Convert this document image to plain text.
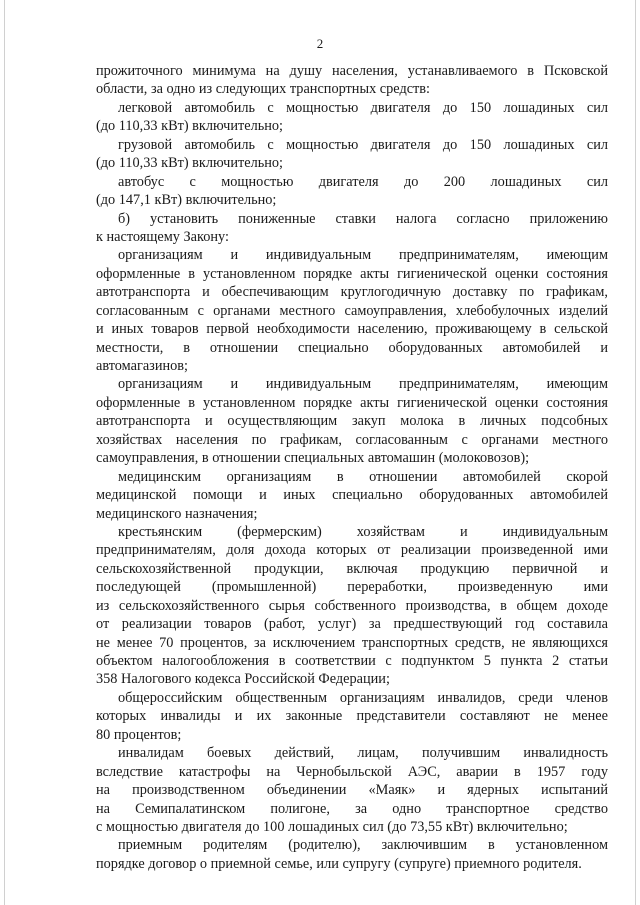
2
прожиточного минимума на душу населения, устанавливаемого в Псковской
области, за одно из следующих транспортных средств:
легковой автомобиль с мощностью двигателя до 150 лошадиных сил
(до 110,33 кВт) включительно;
грузовой автомобиль с мощностью двигателя до 150 лошадиных сил
(до 110,33 кВт) включительно;
автобус с мощностью двигателя до 200 лошадиных сил
(до 147,1 кВт) включительно;
б) установить пониженные ставки налога согласно приложению
к настоящему Закону:
организациям и индивидуальным предпринимателям, имеющим
оформленные в установленном порядке акты гигиенической оценки состояния
автотранспорта и обеспечивающим круглогодичную доставку по графикам,
согласованным с органами местного самоуправления, хлебобулочных изделий
и иных товаров первой необходимости населению, проживающему в сельской
местности, в отношении специально оборудованных автомобилей и
автомагазинов;
организациям и индивидуальным предпринимателям, имеющим
оформленные в установленном порядке акты гигиенической оценки состояния
автотранспорта и осуществляющим закуп молока в личных подсобных
хозяйствах населения по графикам, согласованным с органами местного
самоуправления, в отношении специальных автомашин (молоковозов);
медицинским организациям в отношении автомобилей скорой
медицинской помощи и иных специально оборудованных автомобилей
медицинского назначения;
крестьянским (фермерским) хозяйствам и индивидуальным
предпринимателям, доля дохода которых от реализации произведенной ими
сельскохозяйственной продукции, включая продукцию первичной и
последующей (промышленной) переработки, произведенную ими
из сельскохозяйственного сырья собственного производства, в общем доходе
от реализации товаров (работ, услуг) за предшествующий год составила
не менее 70 процентов, за исключением транспортных средств, не являющихся
объектом налогообложения в соответствии с подпунктом 5 пункта 2 статьи
358 Налогового кодекса Российской Федерации;
общероссийским общественным организациям инвалидов, среди членов
которых инвалиды и их законные представители составляют не менее
80 процентов;
инвалидам боевых действий, лицам, получившим инвалидность
вследствие катастрофы на Чернобыльской АЭС, аварии в 1957 году
на производственном объединении «Маяк» и ядерных испытаний
на Семипалатинском полигоне, за одно транспортное средство
с мощностью двигателя до 100 лошадиных сил (до 73,55 кВт) включительно;
приемным родителям (родителю), заключившим в установленном
порядке договор о приемной семье, или супругу (супруге) приемного родителя.
